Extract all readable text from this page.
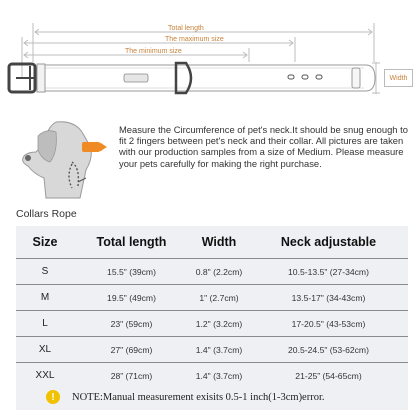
Total length
The maximum size
The minimum size
Width
Measure the Circumference of pet's neck.It should be snug enough to fit 2 fingers between pet's neck and their collar. All pictures are taken with our production samples from a size of Medium. Please measure your pets carefully for making the right purchase.
Collars Rope
Size	Total length	Width	Neck adjustable
S	15.5" (39cm)	0.8" (2.2cm)	10.5-13.5" (27-34cm)
M	19.5" (49cm)	1" (2.7cm)	13.5-17" (34-43cm)
L	23" (59cm)	1.2" (3.2cm)	17-20.5" (43-53cm)
XL	27" (69cm)	1.4" (3.7cm)	20.5-24.5" (53-62cm)
XXL	28” (71cm)	1.4" (3.7cm)	21-25” (54-65cm)
!	NOTE:Manual measurement exisits 0.5-1 inch(1-3cm)error.
